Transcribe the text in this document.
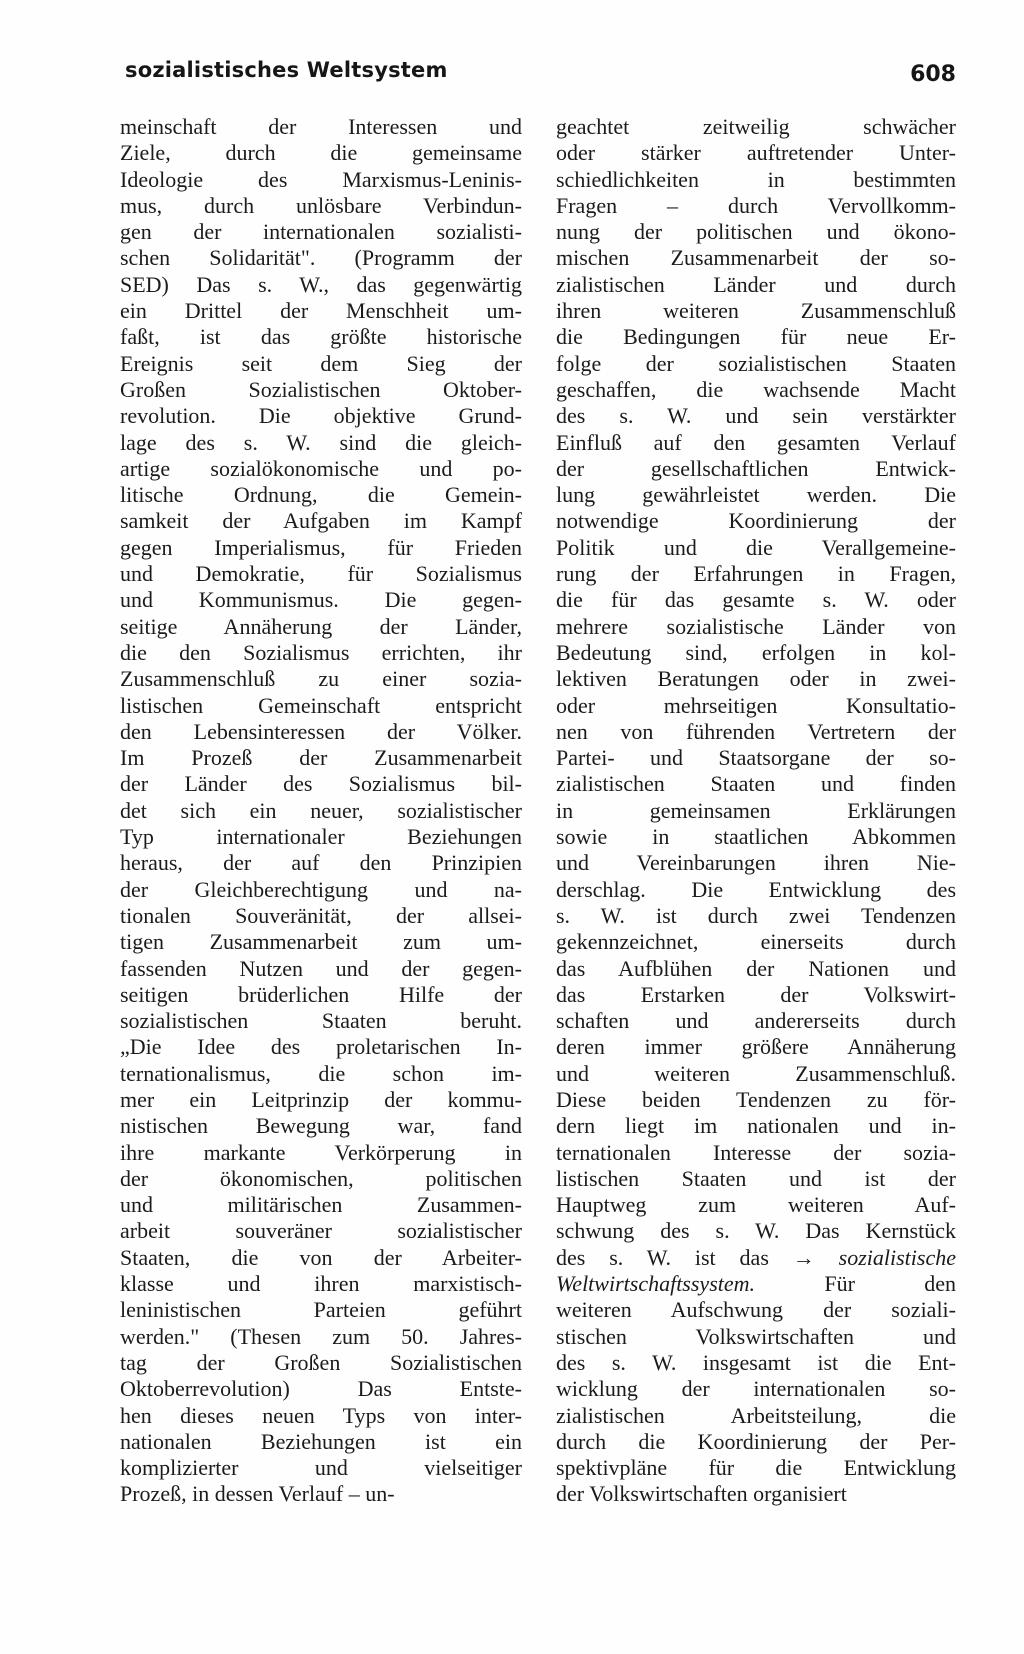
sozialistisches Weltsystem	608
meinschaft der Interessen und
Ziele, durch die gemeinsame
Ideologie des Marxismus-Leninis-
mus, durch unlösbare Verbindun-
gen der internationalen sozialisti-
schen Solidarität". (Programm der
SED) Das s. W., das gegenwärtig
ein Drittel der Menschheit um-
faßt, ist das größte historische
Ereignis seit dem Sieg der
Großen Sozialistischen Oktober-
revolution. Die objektive Grund-
lage des s. W. sind die gleich-
artige sozialökonomische und po-
litische Ordnung, die Gemein-
samkeit der Aufgaben im Kampf
gegen Imperialismus, für Frieden
und Demokratie, für Sozialismus
und Kommunismus. Die gegen-
seitige Annäherung der Länder,
die den Sozialismus errichten, ihr
Zusammenschluß zu einer sozia-
listischen Gemeinschaft entspricht
den Lebensinteressen der Völker.
Im Prozeß der Zusammenarbeit
der Länder des Sozialismus bil-
det sich ein neuer, sozialistischer
Typ internationaler Beziehungen
heraus, der auf den Prinzipien
der Gleichberechtigung und na-
tionalen Souveränität, der allsei-
tigen Zusammenarbeit zum um-
fassenden Nutzen und der gegen-
seitigen brüderlichen Hilfe der
sozialistischen Staaten beruht.
„Die Idee des proletarischen In-
ternationalismus, die schon im-
mer ein Leitprinzip der kommu-
nistischen Bewegung war, fand
ihre markante Verkörperung in
der ökonomischen, politischen
und militärischen Zusammen-
arbeit souveräner sozialistischer
Staaten, die von der Arbeiter-
klasse und ihren marxistisch-
leninistischen Parteien geführt
werden." (Thesen zum 50. Jahres-
tag der Großen Sozialistischen
Oktoberrevolution) Das Entste-
hen dieses neuen Typs von inter-
nationalen Beziehungen ist ein
komplizierter und vielseitiger
Prozeß, in dessen Verlauf – un-
geachtet zeitweilig schwächer
oder stärker auftretender Unter-
schiedlichkeiten in bestimmten
Fragen – durch Vervollkomm-
nung der politischen und ökono-
mischen Zusammenarbeit der so-
zialistischen Länder und durch
ihren weiteren Zusammenschluß
die Bedingungen für neue Er-
folge der sozialistischen Staaten
geschaffen, die wachsende Macht
des s. W. und sein verstärkter
Einfluß auf den gesamten Verlauf
der gesellschaftlichen Entwick-
lung gewährleistet werden. Die
notwendige Koordinierung der
Politik und die Verallgemeine-
rung der Erfahrungen in Fragen,
die für das gesamte s. W. oder
mehrere sozialistische Länder von
Bedeutung sind, erfolgen in kol-
lektiven Beratungen oder in zwei-
oder mehrseitigen Konsultatio-
nen von führenden Vertretern der
Partei- und Staatsorgane der so-
zialistischen Staaten und finden
in gemeinsamen Erklärungen
sowie in staatlichen Abkommen
und Vereinbarungen ihren Nie-
derschlag. Die Entwicklung des
s. W. ist durch zwei Tendenzen
gekennzeichnet, einerseits durch
das Aufblühen der Nationen und
das Erstarken der Volkswirt-
schaften und andererseits durch
deren immer größere Annäherung
und weiteren Zusammenschluß.
Diese beiden Tendenzen zu för-
dern liegt im nationalen und in-
ternationalen Interesse der sozia-
listischen Staaten und ist der
Hauptweg zum weiteren Auf-
schwung des s. W. Das Kernstück
des s. W. ist das → sozialistische
Weltwirtschaftssystem. Für den
weiteren Aufschwung der soziali-
stischen Volkswirtschaften und
des s. W. insgesamt ist die Ent-
wicklung der internationalen so-
zialistischen Arbeitsteilung, die
durch die Koordinierung der Per-
spektivpläne für die Entwicklung
der Volkswirtschaften organisiert
